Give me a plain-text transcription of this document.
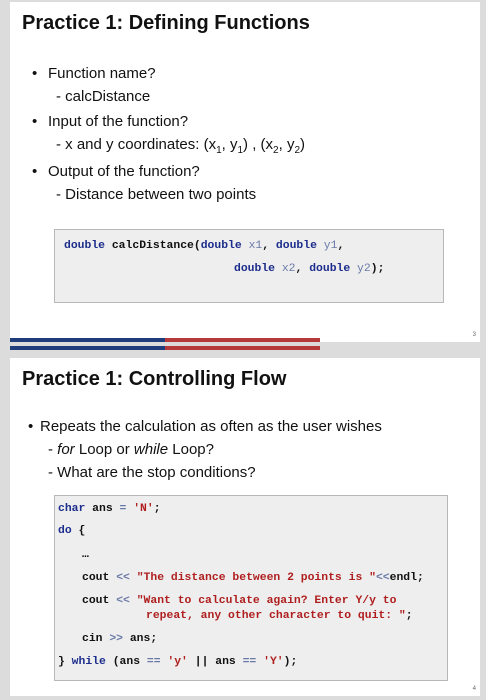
Practice 1: Defining Functions
• Function name?
- calcDistance
• Input of the function?
- x and y coordinates: ($x_1$, $y_1$) , ($x_2$, $y_2$)
• Output of the function?
- Distance between two points
double calcDistance(double x1, double y1,
double x2, double y2);
3
Practice 1: Controlling Flow
• Repeats the calculation as often as the user wishes
- for Loop or while Loop?
- What are the stop conditions?
char ans = 'N';
do {
…
cout << "The distance between 2 points is "<<endl;
cout << "Want to calculate again? Enter Y/y to
repeat, any other character to quit: ";
cin >> ans;
} while (ans == 'y' || ans == 'Y');
4
